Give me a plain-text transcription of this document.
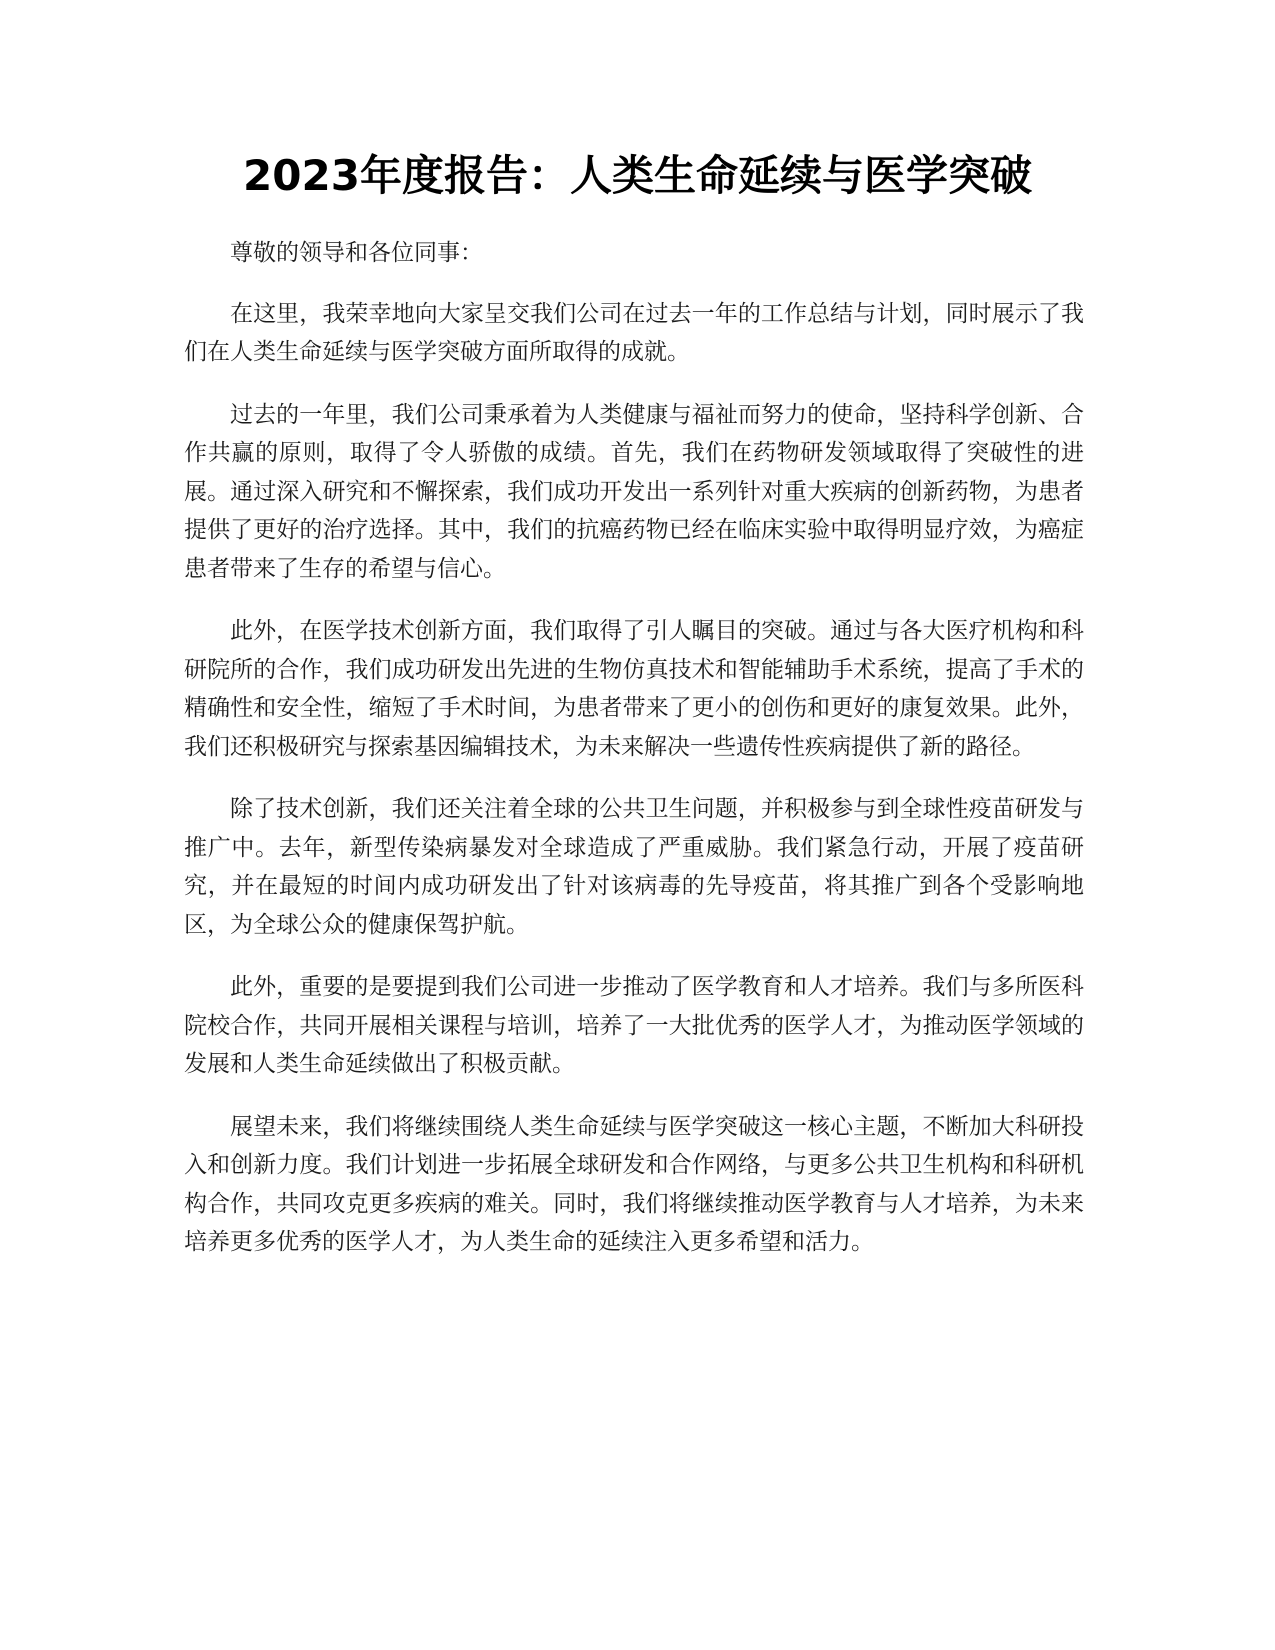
2023年度报告：人类生命延续与医学突破

尊敬的领导和各位同事：

在这里，我荣幸地向大家呈交我们公司在过去一年的工作总结与计划，同时展示了我们在人类生命延续与医学突破方面所取得的成就。

过去的一年里，我们公司秉承着为人类健康与福祉而努力的使命，坚持科学创新、合作共赢的原则，取得了令人骄傲的成绩。首先，我们在药物研发领域取得了突破性的进展。通过深入研究和不懈探索，我们成功开发出一系列针对重大疾病的创新药物，为患者提供了更好的治疗选择。其中，我们的抗癌药物已经在临床实验中取得明显疗效，为癌症患者带来了生存的希望与信心。

此外，在医学技术创新方面，我们取得了引人瞩目的突破。通过与各大医疗机构和科研院所的合作，我们成功研发出先进的生物仿真技术和智能辅助手术系统，提高了手术的精确性和安全性，缩短了手术时间，为患者带来了更小的创伤和更好的康复效果。此外，我们还积极研究与探索基因编辑技术，为未来解决一些遗传性疾病提供了新的路径。

除了技术创新，我们还关注着全球的公共卫生问题，并积极参与到全球性疫苗研发与推广中。去年，新型传染病暴发对全球造成了严重威胁。我们紧急行动，开展了疫苗研究，并在最短的时间内成功研发出了针对该病毒的先导疫苗，将其推广到各个受影响地区，为全球公众的健康保驾护航。

此外，重要的是要提到我们公司进一步推动了医学教育和人才培养。我们与多所医科院校合作，共同开展相关课程与培训，培养了一大批优秀的医学人才，为推动医学领域的发展和人类生命延续做出了积极贡献。

展望未来，我们将继续围绕人类生命延续与医学突破这一核心主题，不断加大科研投入和创新力度。我们计划进一步拓展全球研发和合作网络，与更多公共卫生机构和科研机构合作，共同攻克更多疾病的难关。同时，我们将继续推动医学教育与人才培养，为未来培养更多优秀的医学人才，为人类生命的延续注入更多希望和活力。
